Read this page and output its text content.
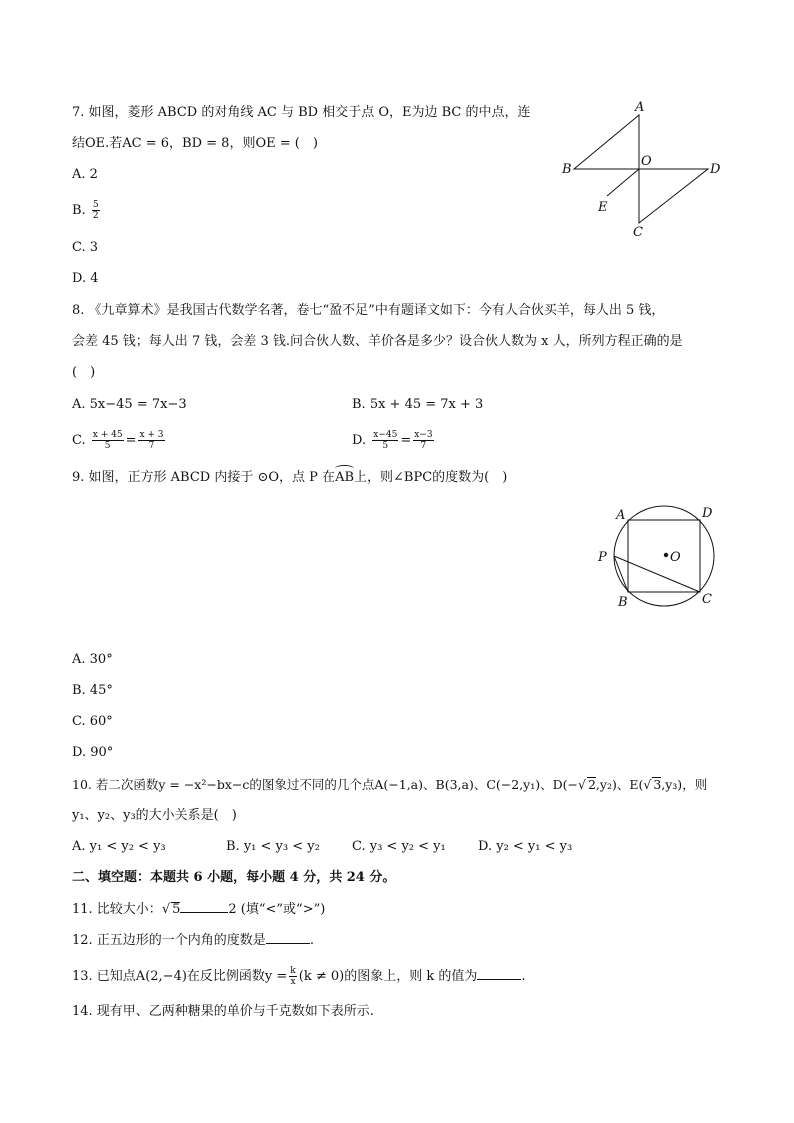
7. 如图，菱形 ABCD 的对角线 AC 与 BD 相交于点 O，E为边 BC 的中点，连
结OE.若AC = 6，BD = 8，则OE = (　)
A. 2
B. $\frac{5}{2}$
C. 3
D. 4
A
B
C
D
O
E
8. 《九章算术》是我国古代数学名著，卷七“盈不足”中有题译文如下：今有人合伙买羊，每人出 5 钱，
会差 45 钱；每人出 7 钱，会差 3 钱.问合伙人数、羊价各是多少？设合伙人数为 x 人，所列方程正确的是
(　)
A. 5x−45 = 7x−3	B. 5x + 45 = 7x + 3
C. $\frac{x + 45}{5} = \frac{x + 3}{7}$	D. $\frac{x-45}{5} = \frac{x-3}{7}$
9. 如图，正方形 ABCD 内接于 ⊙O，点 P 在AB上，则∠BPC的度数为(　)
A	D
P	O
B	C
A. 30°
B. 45°
C. 60°
D. 90°
10. 若二次函数y = −x²−bx−c的图象过不同的几个点A(−1,a)、B(3,a)、C(−2,y₁)、D(−√ 2,y₂)、E(√ 3,y₃)，则
y₁、y₂、y₃的大小关系是(　)
A. y₁ < y₂ < y₃	B. y₁ < y₃ < y₂ C. y₃ < y₂ < y₁ D. y₂ < y₁ < y₃
二、填空题：本题共 6 小题，每小题 4 分，共 24 分。
11. 比较大小：√ 5	2 (填“<”或“>”)
12. 正五边形的一个内角的度数是	.
13. 已知点A(2,−4)在反比例函数$y = \frac{k}{x} (k \ne 0)$的图象上，则 k 的值为	.
14. 现有甲、乙两种糖果的单价与千克数如下表所示.
